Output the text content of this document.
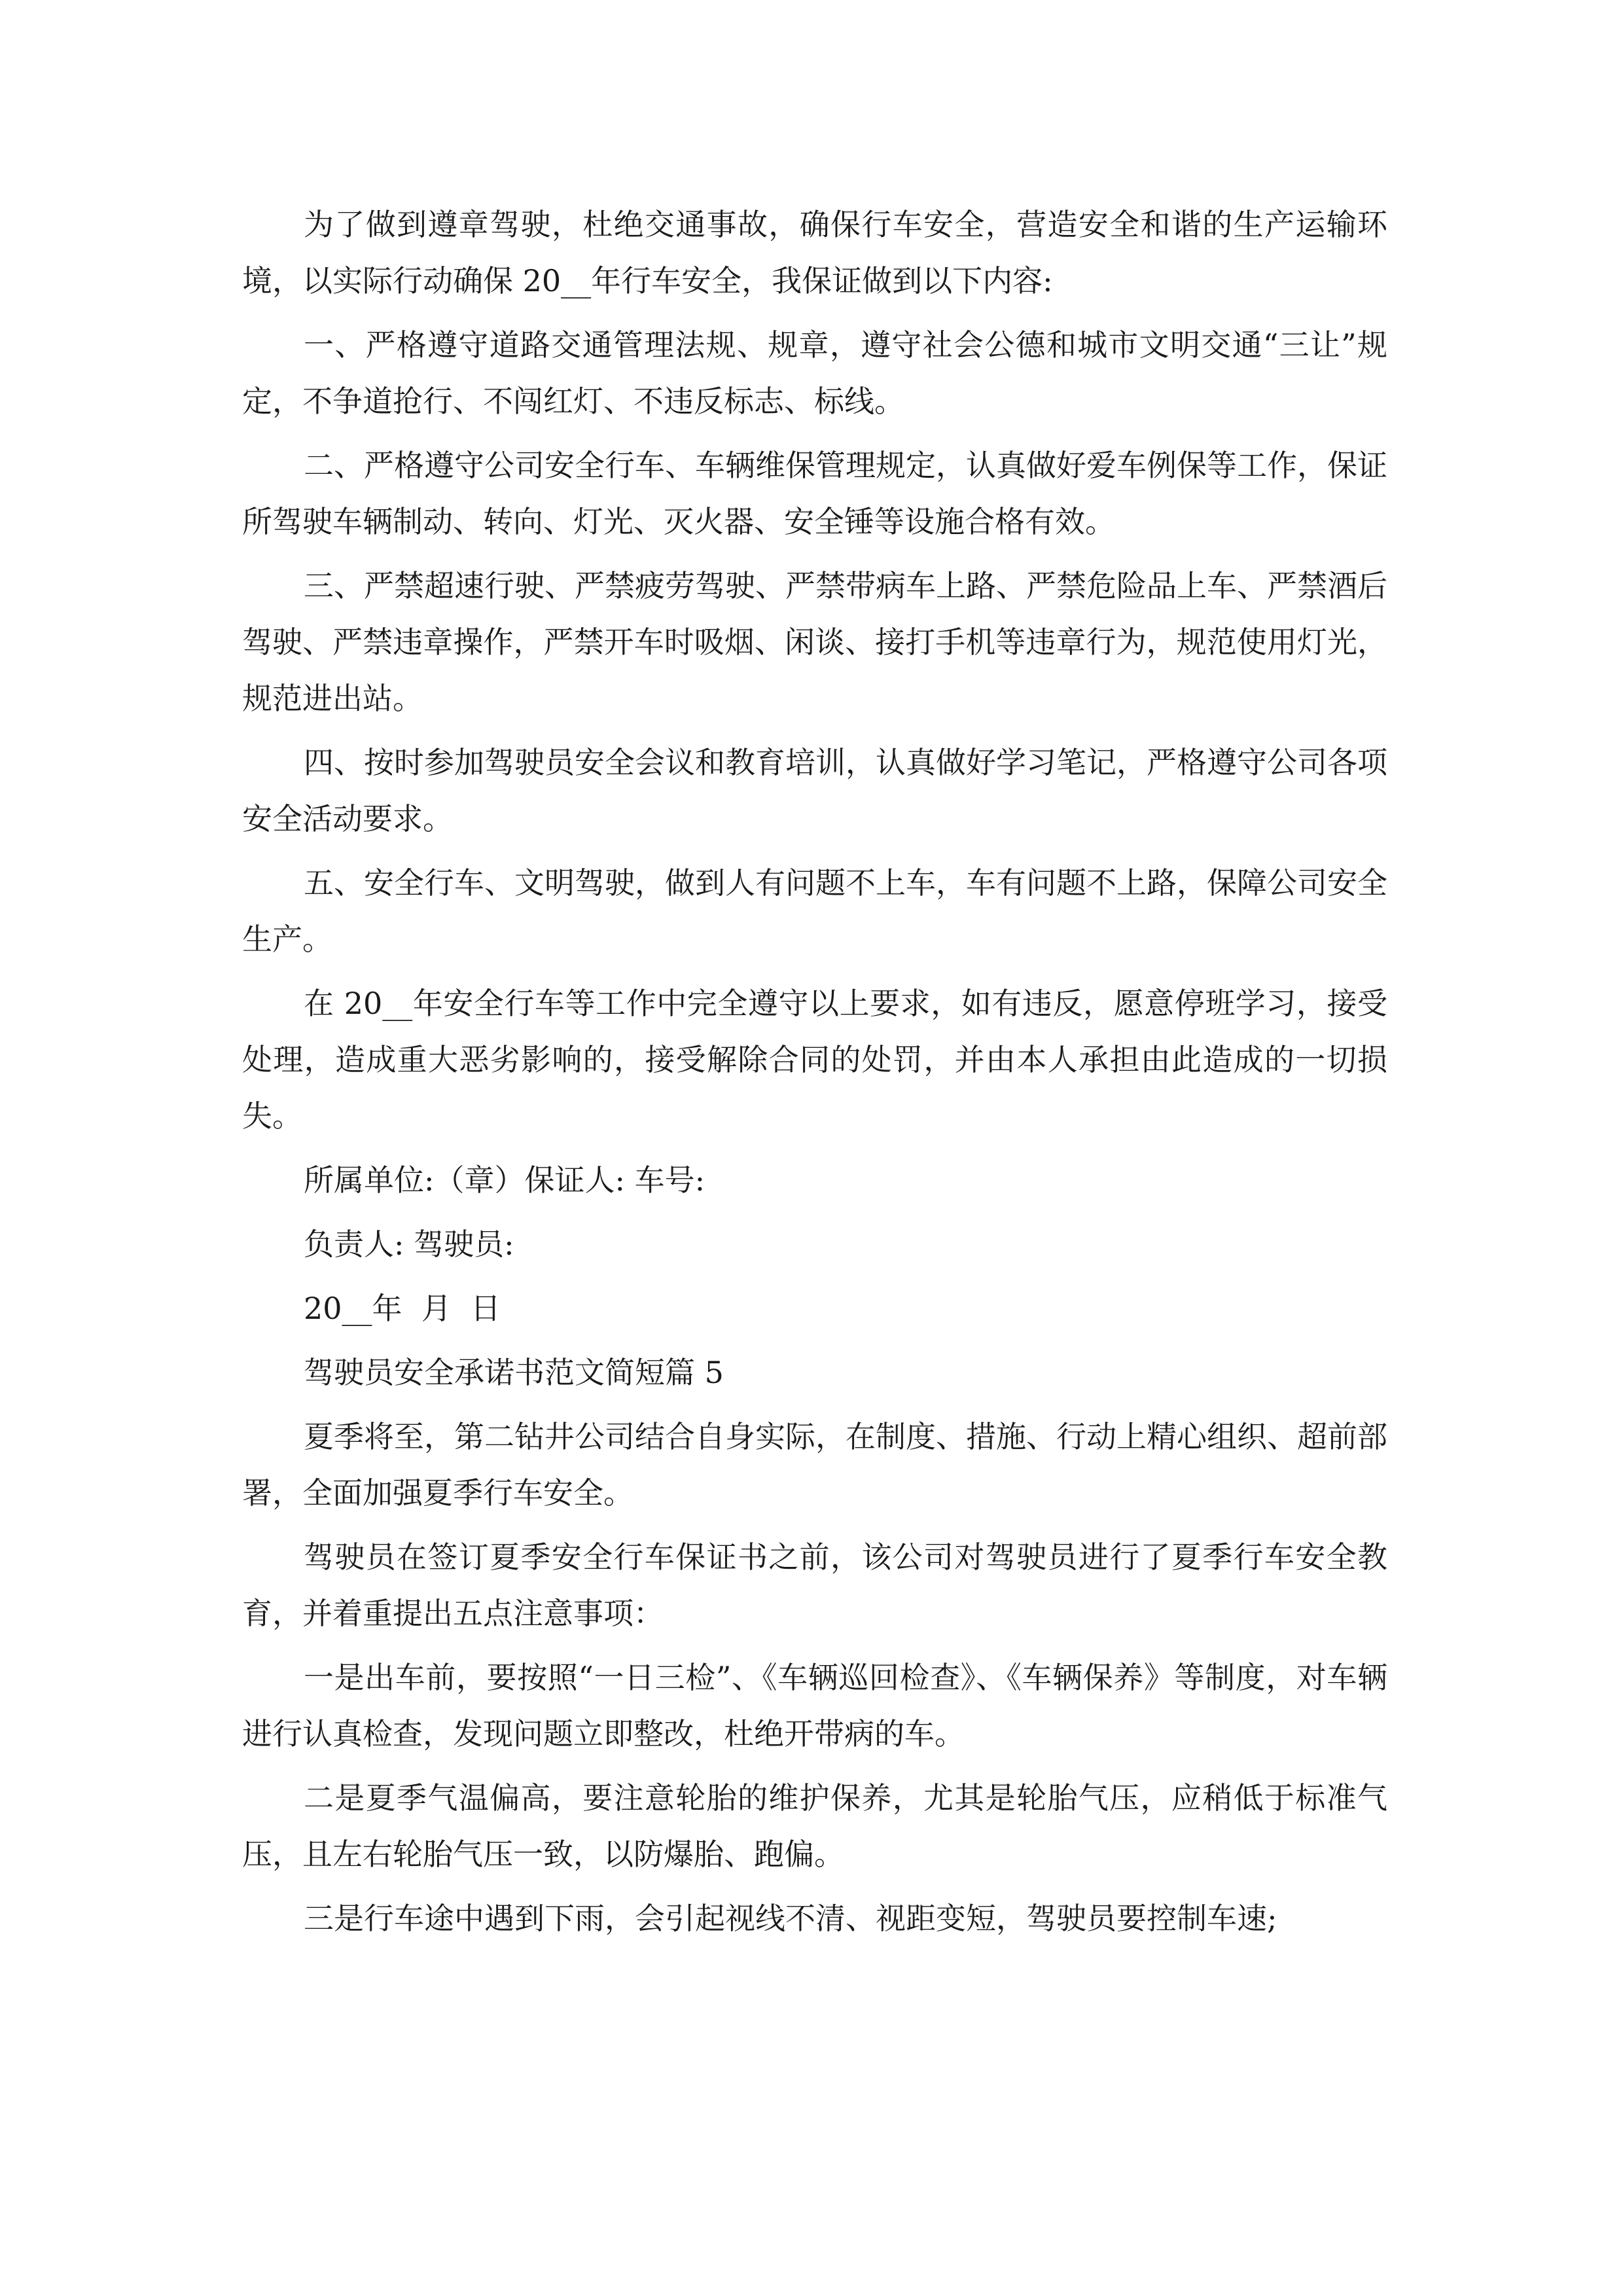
为了做到遵章驾驶，杜绝交通事故，确保行车安全，营造安全和谐的生产运输环境，以实际行动确保 20__年行车安全，我保证做到以下内容:

一、严格遵守道路交通管理法规、规章，遵守社会公德和城市文明交通“三让”规定，不争道抢行、不闯红灯、不违反标志、标线。

二、严格遵守公司安全行车、车辆维保管理规定，认真做好爱车例保等工作，保证所驾驶车辆制动、转向、灯光、灭火器、安全锤等设施合格有效。

三、严禁超速行驶、严禁疲劳驾驶、严禁带病车上路、严禁危险品上车、严禁酒后驾驶、严禁违章操作，严禁开车时吸烟、闲谈、接打手机等违章行为，规范使用灯光，规范进出站。

四、按时参加驾驶员安全会议和教育培训，认真做好学习笔记，严格遵守公司各项安全活动要求。

五、安全行车、文明驾驶，做到人有问题不上车，车有问题不上路，保障公司安全生产。

在 20__年安全行车等工作中完全遵守以上要求，如有违反，愿意停班学习，接受处理，造成重大恶劣影响的，接受解除合同的处罚，并由本人承担由此造成的一切损失。

所属单位:（章）保证人: 车号:
负责人: 驾驶员:
20__年  月  日
驾驶员安全承诺书范文简短篇 5

夏季将至，第二钻井公司结合自身实际，在制度、措施、行动上精心组织、超前部署，全面加强夏季行车安全。

驾驶员在签订夏季安全行车保证书之前，该公司对驾驶员进行了夏季行车安全教育，并着重提出五点注意事项：

一是出车前，要按照“一日三检”、《车辆巡回检查》、《车辆保养》等制度，对车辆进行认真检查，发现问题立即整改，杜绝开带病的车。

二是夏季气温偏高，要注意轮胎的维护保养，尤其是轮胎气压，应稍低于标准气压，且左右轮胎气压一致，以防爆胎、跑偏。

三是行车途中遇到下雨，会引起视线不清、视距变短，驾驶员要控制车速;
